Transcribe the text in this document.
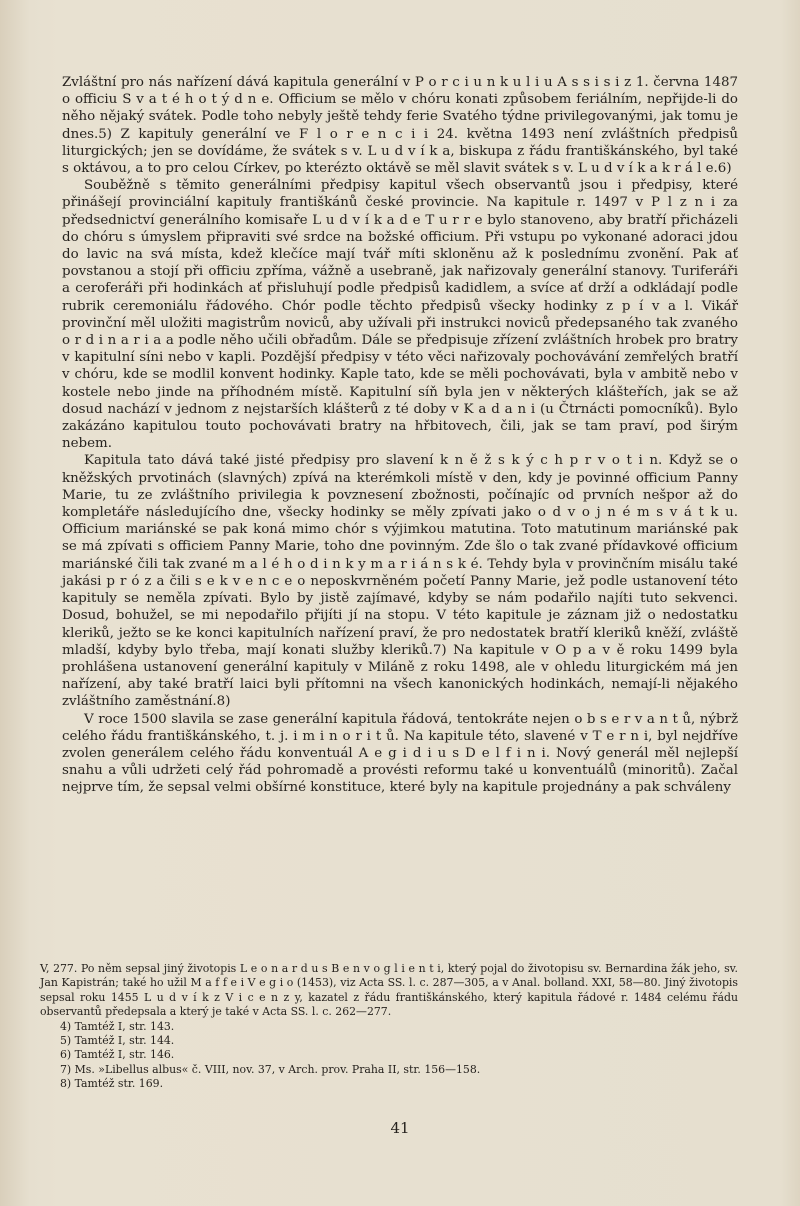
Zvláštní pro nás nařízení dává kapitula generální v P o r c i u n k u l i u A s s i s i z 1. června 1487 o officiu S v a t é h o t ý d n e. Officium se mělo v chóru konati způsobem feriálním, nepřijde-li do něho nějaký svátek. Podle toho nebyly ještě tehdy ferie Svatého týdne privilegovanými, jak tomu je dnes.5) Z kapituly generální ve F l o r e n c i i 24. května 1493 není zvláštních předpisů liturgických; jen se dovídáme, že svátek s v. L u d v í k a, biskupa z řádu františkánského, byl také s oktávou, a to pro celou Církev, po kterézto oktávě se měl slavit svátek s v. L u d v í k a k r á l e.6)

Souběžně s těmito generálními předpisy kapitul všech observantů jsou i předpisy, které přinášejí provinciální kapituly františkánů české provincie. Na kapitule r. 1497 v P l z n i za předsednictví generálního komisaře L u d v í k a d e T u r r e bylo stanoveno, aby bratří přicházeli do chóru s úmyslem připraviti své srdce na božské officium. Při vstupu po vykonané adoraci jdou do lavic na svá místa, kdež klečíce mají tvář míti skloněnu až k poslednímu zvonění. Pak ať povstanou a stojí při officiu zpříma, vážně a usebraně, jak nařizovaly generální stanovy. Turiferáři a ceroferáři při hodinkách ať přisluhují podle předpisů kadidlem, a svíce ať drží a odkládají podle rubrik ceremoniálu řádového. Chór podle těchto předpisů všecky hodinky z p í v a l. Vikář provinční měl uložiti magistrům noviců, aby užívali při instrukci noviců předepsaného tak zvaného o r d i n a r i a a podle něho učili obřadům. Dále se předpisuje zřízení zvláštních hrobek pro bratry v kapitulní síni nebo v kapli. Pozdější předpisy v této věci nařizovaly pochovávání zemřelých bratří v chóru, kde se modlil konvent hodinky. Kaple tato, kde se měli pochovávati, byla v ambitě nebo v kostele nebo jinde na příhodném místě. Kapitulní síň byla jen v některých klášteřích, jak se až dosud nachází v jednom z nejstarších klášterů z té doby v K a d a n i (u Čtrnácti pomocníků). Bylo zakázáno kapitulou touto pochovávati bratry na hřbitovech, čili, jak se tam praví, pod širým nebem.

Kapitula tato dává také jisté předpisy pro slavení k n ě ž s k ý c h p r v o t i n. Když se o kněžských prvotinách (slavných) zpívá na kterémkoli místě v den, kdy je povinné officium Panny Marie, tu ze zvláštního privilegia k povznesení zbožnosti, počínajíc od prvních nešpor až do kompletáře následujícího dne, všecky hodinky se měly zpívati jako o d v o j n é m s v á t k u. Officium mariánské se pak koná mimo chór s výjimkou matutina. Toto matutinum mariánské pak se má zpívati s officiem Panny Marie, toho dne povinným. Zde šlo o tak zvané přídavkové officium mariánské čili tak zvané m a l é h o d i n k y m a r i á n s k é. Tehdy byla v provinčním misálu také jakási p r ó z a čili s e k v e n c e o neposkvrněném početí Panny Marie, jež podle ustanovení této kapituly se neměla zpívati. Bylo by jistě zajímavé, kdyby se nám podařilo najíti tuto sekvenci. Dosud, bohužel, se mi nepodařilo přijíti jí na stopu. V této kapitule je záznam již o nedostatku kleriků, ježto se ke konci kapitulních nařízení praví, že pro nedostatek bratří kleriků kněží, zvláště mladší, kdyby bylo třeba, mají konati služby kleriků.7) Na kapitule v O p a v ě roku 1499 byla prohlášena ustanovení generální kapituly v Miláně z roku 1498, ale v ohledu liturgickém má jen nařízení, aby také bratří laici byli přítomni na všech kanonických hodinkách, nemají-li nějakého zvláštního zaměstnání.8)

V roce 1500 slavila se zase generální kapitula řádová, tentokráte nejen o b s e r v a n t ů, nýbrž celého řádu františkánského, t. j. i m i n o r i t ů. Na kapitule této, slavené v T e r n i, byl nejdříve zvolen generálem celého řádu konventuál A e g i d i u s D e l f i n i. Nový generál měl nejlepší snahu a vůli udržeti celý řád pohromadě a provésti reformu také u konventuálů (minoritů). Začal nejprve tím, že sepsal velmi obšírné konstituce, které byly na kapitule projednány a pak schváleny

V, 277. Po něm sepsal jiný životopis L e o n a r d u s B e n v o g l i e n t i, který pojal do životopisu sv. Bernardina žák jeho, sv. Jan Kapistrán; také ho užil M a f f e i V e g i o (1453), viz Acta SS. l. c. 287—305, a v Anal. bolland. XXI, 58—80. Jiný životopis sepsal roku 1455 L u d v í k z V i c e n z y, kazatel z řádu františkánského, který kapitula řádové r. 1484 celému řádu observantů předepsala a který je také v Acta SS. l. c. 262—277.

4) Tamtéž I, str. 143.

5) Tamtéž I, str. 144.

6) Tamtéž I, str. 146.

7) Ms. »Libellus albus« č. VIII, nov. 37, v Arch. prov. Praha II, str. 156—158.

8) Tamtéž str. 169.

41
